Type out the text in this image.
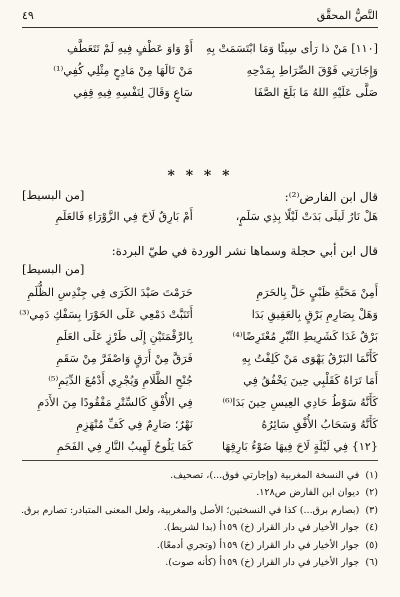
النَّصُّ المحقَّق
٤٩
[١١٠] مَنْ ذا رَأى سِيئًا وَمَا ابْتَسَمَتْ بِهِ
أَوْ وَاوَ عَطْفٍ فِيهِ لَمْ تَتَعَطَّفِ
وَإِجَارَتِي فَوْقَ الصِّرَاطِ بِمَدْحِهِ
مَنْ نَالَهَا مِنْ مَادِحٍ مِثْلِي كُفِي⁽¹⁾
صَلَّى عَلَيْهِ اللهُ مَا بَلَغَ الصَّفَا
سَاعٍ وَقَالَ لِنَفْسِهِ فِيهِ قِفِي
* * * *
قال ابن الفارض⁽²⁾:
[من البسيط]
هَلْ نَارُ لَيلَى بَدَتْ لَيْلًا بِذِي سَلَمٍ،
أَمْ بَارِقٌ لَاحَ فِي الزَّوْرَاءِ فَالعَلَمِ
قال ابن أبي حجلة وسماها نشر الوردة في طيّ البردة:
[من البسيط]
أَمِنْ مَحَبَّةِ ظَبْيٍ حَلَّ بِالحَرَمِ
حَرَمْتَ صَيْدَ الكَرَى فِي جِنْدِسِ الظُّلَمِ
وَهَلْ بِصَارِمِ بَرْقٍ بِالعَقِيقِ بَدَا
أَتَنَبَّتْ دَمْعِي عَلَى الحَوْرَا بِسَفْكِ دَمِي⁽³⁾
بَرْقٌ غَدَا كَشَرِيطِ التِّبْرِ مُعْتَرِضًا⁽⁴⁾
بِالرَّقْمَتَيْنِ إِلَى طَرْزٍ عَلَى العَلَمِ
كَأَنَّمَا البَرْقُ يَهْوَى مَنْ كَلِفْتُ بِهِ
فَرَقَّ مِنْ أَرَقٍ وَاصْفَرَّ مِنْ سَقَمِ
أَمَا تَرَاهُ كَقَلْبِي حِينَ يَخْفُقُ فِي
جُنْحِ الظَّلَامِ وَيُجْرِي أَدْمُعَ الدِّيَمِ⁽⁵⁾
كَأَنَّهُ سَوْطُ حَادِي العِيسِ حِينَ بَدَا⁽⁶⁾
فِي الأُفْقِ كَالسِّتْرِ مَفْقُودًا مِنَ الأَدَمِ
كَأَنَّهُ وَسَحَابُ الأُفْقِ سَائِرُهُ
نَهْرٌ؛ صَارِمٌ فِي كَفِّ مُنْهَزِمِ
{١٢} فِي لَيْلَةٍ لَاحَ فِيهَا ضَوْءُ بَارِقِهَا
كَمَا يَلُوحُ لَهِيبُ النَّارِ فِي الفَحَمِ
(١)في النسخة المغربية (وإجارتي فوق...)، تصحيف.
(٢)ديوان ابن الفارض ص١٢٨.
(٣)(بصارم برق...) كذا في النسختين؛ الأصل والمغربية، ولعل المعنى المتبادر: تصارم برق.
(٤)جوار الأخيار في دار القرار (خ) ١٥٩أ (بدا لشريط).
(٥)جوار الأخيار في دار القرار (خ) ١٥٩أ (وتجري أدمعًا).
(٦)جوار الأخيار في دار القرار (خ) ١٥٩أ (كأنه صوت).
